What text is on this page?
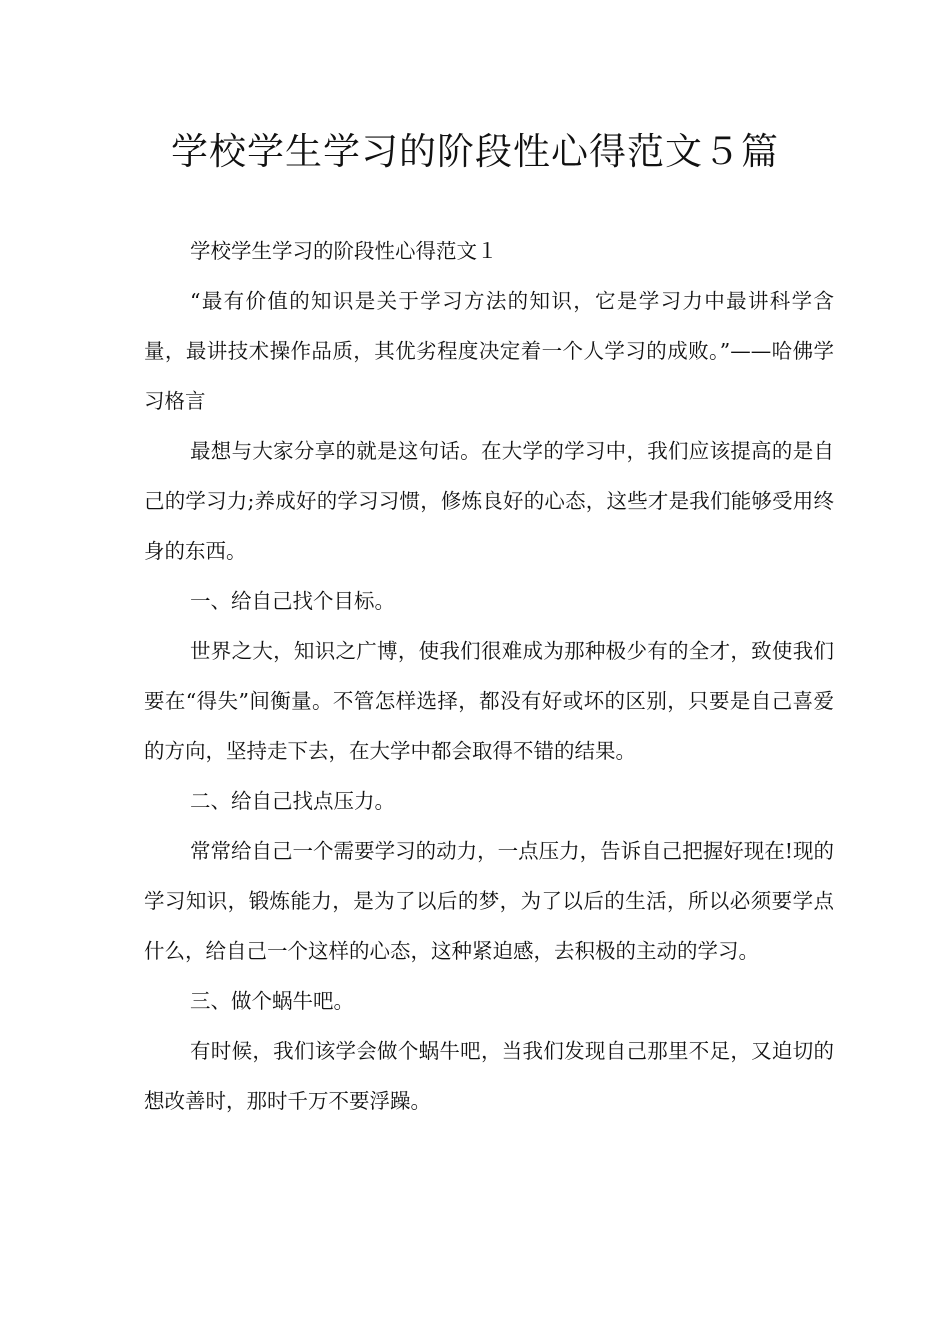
学校学生学习的阶段性心得范文５篇

学校学生学习的阶段性心得范文１

“最有价值的知识是关于学习方法的知识，它是学习力中最讲科学含量，最讲技术操作品质，其优劣程度决定着一个人学习的成败。”——哈佛学习格言

最想与大家分享的就是这句话。在大学的学习中，我们应该提高的是自己的学习力;养成好的学习习惯，修炼良好的心态，这些才是我们能够受用终身的东西。

一、给自己找个目标。

世界之大，知识之广博，使我们很难成为那种极少有的全才，致使我们要在“得失”间衡量。不管怎样选择，都没有好或坏的区别，只要是自己喜爱的方向，坚持走下去，在大学中都会取得不错的结果。

二、给自己找点压力。

常常给自己一个需要学习的动力，一点压力，告诉自己把握好现在!现的学习知识，锻炼能力，是为了以后的梦，为了以后的生活，所以必须要学点什么，给自己一个这样的心态，这种紧迫感，去积极的主动的学习。

三、做个蜗牛吧。

有时候，我们该学会做个蜗牛吧，当我们发现自己那里不足，又迫切的想改善时，那时千万不要浮躁。
